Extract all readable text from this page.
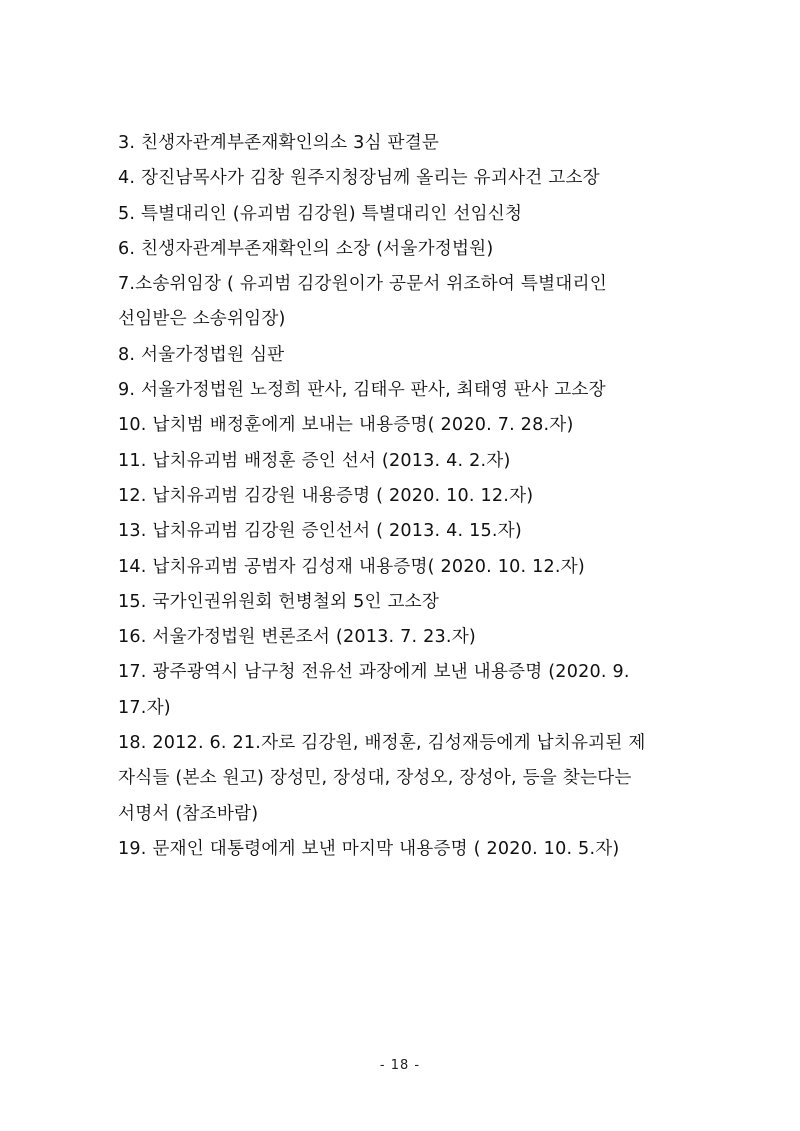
3. 친생자관계부존재확인의소 3심 판결문
4. 장진남목사가 김창 원주지청장님께 올리는 유괴사건 고소장
5. 특별대리인 (유괴범 김강원) 특별대리인 선임신청
6. 친생자관계부존재확인의 소장 (서울가정법원)
7.소송위임장 ( 유괴범 김강원이가 공문서 위조하여 특별대리인
선임받은 소송위임장)
8. 서울가정법원 심판
9. 서울가정법원 노정희 판사, 김태우 판사, 최태영 판사 고소장
10. 납치범 배정훈에게 보내는 내용증명( 2020. 7. 28.자)
11. 납치유괴범 배정훈 증인 선서 (2013. 4. 2.자)
12. 납치유괴범 김강원 내용증명 ( 2020. 10. 12.자)
13. 납치유괴범 김강원 증인선서 ( 2013. 4. 15.자)
14. 납치유괴범 공범자 김성재 내용증명( 2020. 10. 12.자)
15. 국가인권위원회 헌병철외 5인 고소장
16. 서울가정법원 변론조서 (2013. 7. 23.자)
17. 광주광역시 남구청 전유선 과장에게 보낸 내용증명 (2020. 9.
17.자)
18. 2012. 6. 21.자로 김강원, 배정훈, 김성재등에게 납치유괴된 제
자식들 (본소 원고) 장성민, 장성대, 장성오, 장성아, 등을 찾는다는
서명서 (참조바람)
19. 문재인 대통령에게 보낸 마지막 내용증명 ( 2020. 10. 5.자)
- 18 -
